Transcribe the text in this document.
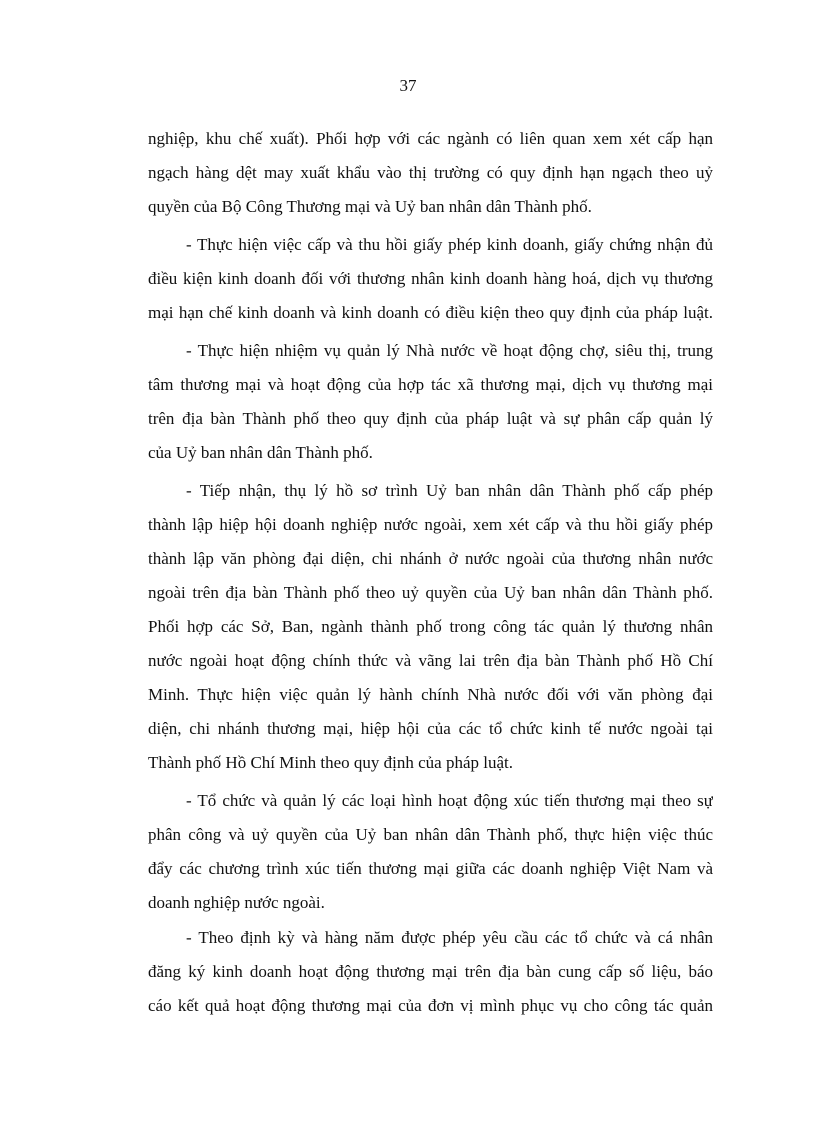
37
nghiệp, khu chế xuất). Phối hợp với các ngành có liên quan xem xét cấp hạn
ngạch hàng dệt may xuất khẩu vào thị trường có quy định hạn ngạch theo uỷ
quyền của Bộ Công Thương mại và Uỷ ban nhân dân Thành phố.
- Thực hiện việc cấp và thu hồi giấy phép kinh doanh, giấy chứng nhận đủ
điều kiện kinh doanh đối với thương nhân kinh doanh hàng hoá, dịch vụ thương
mại hạn chế kinh doanh và kinh doanh có điều kiện theo quy định của pháp luật.
- Thực hiện nhiệm vụ quản lý Nhà nước về hoạt động chợ, siêu thị, trung
tâm thương mại và hoạt động của hợp tác xã thương mại, dịch vụ thương mại
trên địa bàn Thành phố theo quy định của pháp luật và sự phân cấp quản lý
của Uỷ ban nhân dân Thành phố.
- Tiếp nhận, thụ lý hồ sơ trình Uỷ ban nhân dân Thành phố cấp phép
thành lập hiệp hội doanh nghiệp nước ngoài, xem xét cấp và thu hồi giấy phép
thành lập văn phòng đại diện, chi nhánh ở nước ngoài của thương nhân nước
ngoài trên địa bàn Thành phố theo uỷ quyền của Uỷ ban nhân dân Thành phố.
Phối hợp các Sở, Ban, ngành thành phố trong công tác quản lý thương nhân
nước ngoài hoạt động chính thức và vãng lai trên địa bàn Thành phố Hồ Chí
Minh. Thực hiện việc quản lý hành chính Nhà nước đối với văn phòng đại
diện, chi nhánh thương mại, hiệp hội của các tổ chức kinh tế nước ngoài tại
Thành phố Hồ Chí Minh theo quy định của pháp luật.
- Tổ chức và quản lý các loại hình hoạt động xúc tiến thương mại theo sự
phân công và uỷ quyền của Uỷ ban nhân dân Thành phố, thực hiện việc thúc
đẩy các chương trình xúc tiến thương mại giữa các doanh nghiệp Việt Nam và
doanh nghiệp nước ngoài.
- Theo định kỳ và hàng năm được phép yêu cầu các tổ chức và cá nhân
đăng ký kinh doanh hoạt động thương mại trên địa bàn cung cấp số liệu, báo
cáo kết quả hoạt động thương mại của đơn vị mình phục vụ cho công tác quản
